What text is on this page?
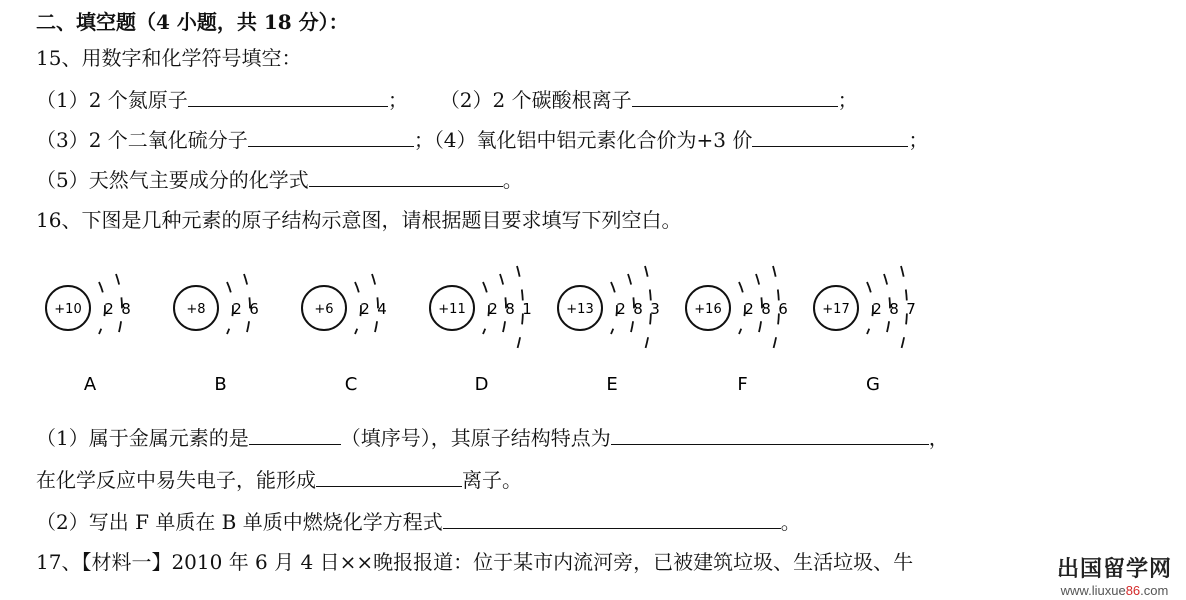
二、填空题（4 小题，共 18 分）：
15、用数字和化学符号填空：
（1）2 个氮原子	； （2）2 个碳酸根离子	；
（3）2 个二氧化硫分子	；（4）氧化铝中铝元素化合价为+3 价	；
（5）天然气主要成分的化学式	。
16、下图是几种元素的原子结构示意图，请根据题目要求填写下列空白。
+10 2 8
A
+8 2 6
B
+6 2 4
C
+11 2 8 1
D
+13 2 8 3
E
+16 2 8 6
F
+17 2 8 7
G
（1）属于金属元素的是	（填序号），其原子结构特点为	，
在化学反应中易失电子，能形成	离子。
（2）写出 F 单质在 B 单质中燃烧化学方程式	。
17、【材料一】2010 年 6 月 4 日××晚报报道：位于某市内流河旁，已被建筑垃圾、生活垃圾、牛	出国留学网
www.liuxue86.com
